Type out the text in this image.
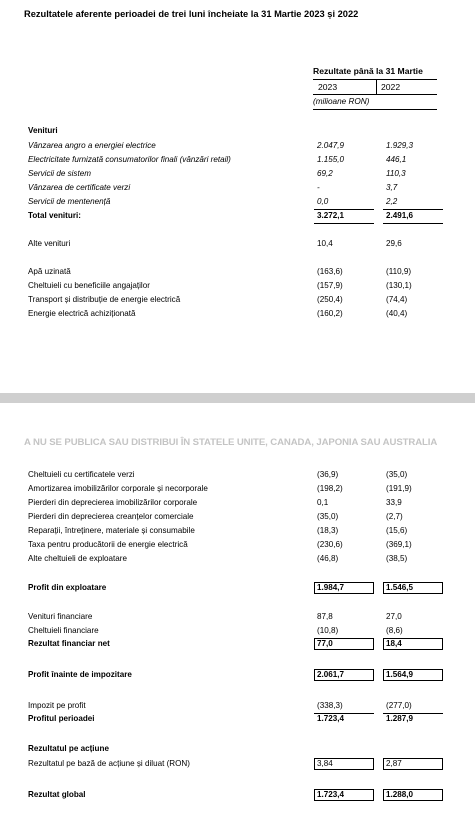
Rezultatele aferente perioadei de trei luni încheiate la 31 Martie 2023 și 2022
Rezultate până la 31 Martie
2023	2022
(milioane RON)
Venituri
Vânzarea angro a energiei electrice	2.047,9	1.929,3
Electricitate furnizată consumatorilor finali (vânzări retail)	1.155,0	446,1
Servicii de sistem	69,2	110,3
Vânzarea de certificate verzi	-	3,7
Servicii de mentenență	0,0	2,2
Total venituri:	3.272,1	2.491,6
Alte venituri	10,4	29,6
Apă uzinată	(163,6)	(110,9)
Cheltuieli cu beneficiile angajaților	(157,9)	(130,1)
Transport și distribuție de energie electrică	(250,4)	(74,4)
Energie electrică achiziționată	(160,2)	(40,4)
A NU SE PUBLICA SAU DISTRIBUI ÎN STATELE UNITE, CANADA, JAPONIA SAU AUSTRALIA
Cheltuieli cu certificatele verzi	(36,9)	(35,0)
Amortizarea imobilizărilor corporale și necorporale	(198,2)	(191,9)
Pierderi din deprecierea imobilizărilor corporale	0,1	33,9
Pierderi din deprecierea creanțelor comerciale	(35,0)	(2,7)
Reparații, întreținere, materiale și consumabile	(18,3)	(15,6)
Taxa pentru producătorii de energie electrică	(230,6)	(369,1)
Alte cheltuieli de exploatare	(46,8)	(38,5)
Profit din exploatare	1.984,7	1.546,5
Venituri financiare	87,8	27,0
Cheltuieli financiare	(10,8)	(8,6)
Rezultat financiar net	77,0	18,4
Profit înainte de impozitare	2.061,7	1.564,9
Impozit pe profit	(338,3)	(277,0)
Profitul perioadei	1.723,4	1.287,9
Rezultatul pe acțiune
Rezultatul pe bază de acțiune și diluat (RON)	3,84	2,87
Rezultat global	1.723,4	1.288,0
